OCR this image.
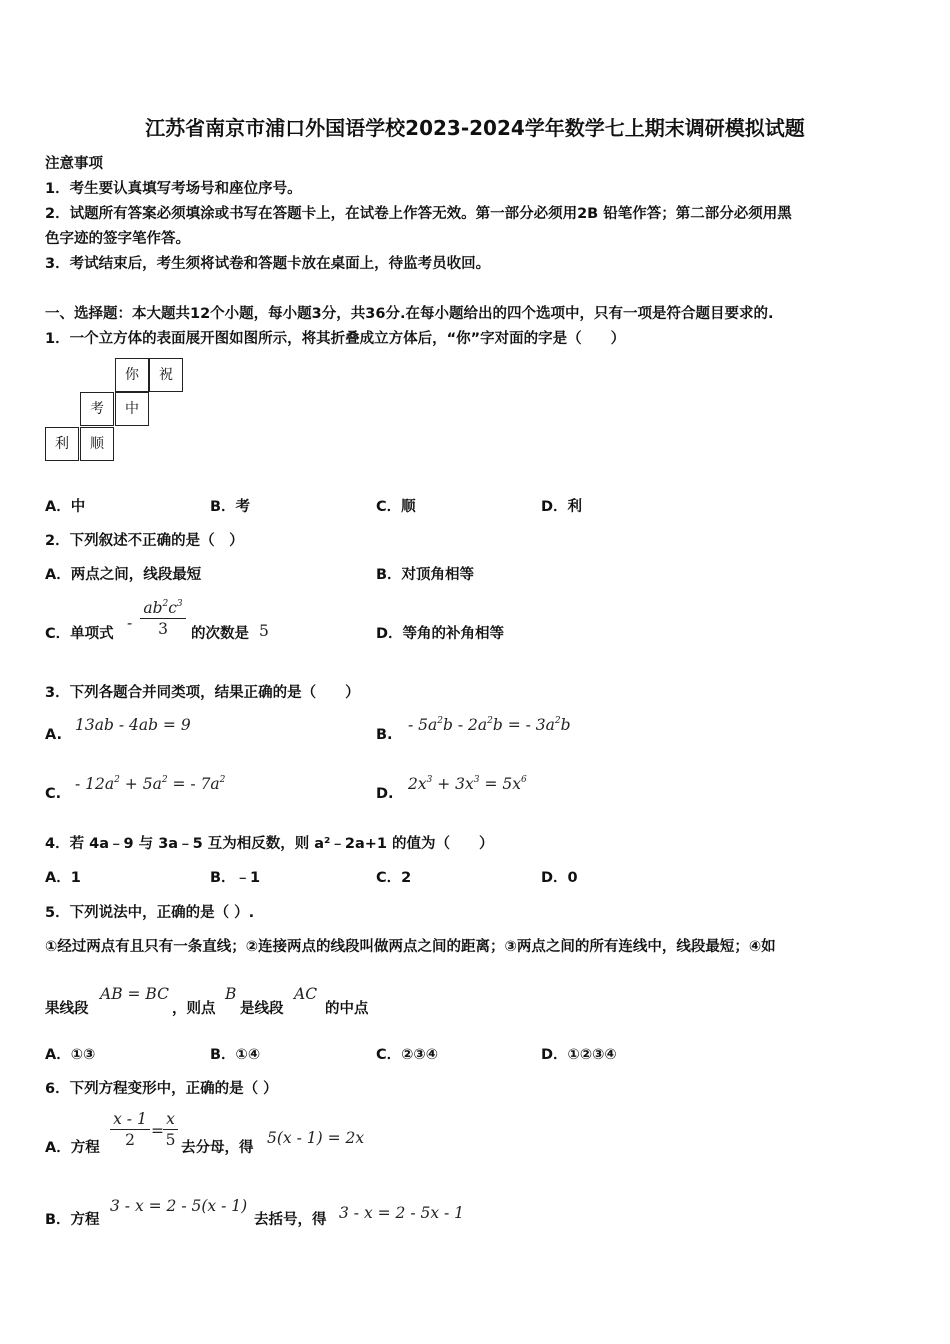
江苏省南京市浦口外国语学校2023-2024学年数学七上期末调研模拟试题
注意事项
1．考生要认真填写考场号和座位序号。
2．试题所有答案必须填涂或书写在答题卡上，在试卷上作答无效。第一部分必须用2B 铅笔作答；第二部分必须用黑
色字迹的签字笔作答。
3．考试结束后，考生须将试卷和答题卡放在桌面上，待监考员收回。
一、选择题：本大题共12个小题，每小题3分，共36分.在每小题给出的四个选项中，只有一项是符合题目要求的.
1．一个立方体的表面展开图如图所示，将其折叠成立方体后，“你”字对面的字是（　　）
你	祝
考	中
利	顺
A．中	B．考	C．顺	D．利
2．下列叙述不正确的是（　）
A．两点之间，线段最短	B．对顶角相等
C．单项式
-
$ab^2c^3$
3	的次数是 5	D．等角的补角相等
3．下列各题合并同类项，结果正确的是（　　）
A.
13ab - 4ab = 9
B.
- $5a^2b - 2a^2b$ = - $3a^2b$
C.
- $12a^2 + 5a^2$ = - $7a^2$
D.
$2x^3 + 3x^3 = 5x^6$
4．若 4a﹣9 与 3a﹣5 互为相反数，则 a²﹣2a+1 的值为（　　）
A．1	B．﹣1	C．2	D．0
5．下列说法中，正确的是（ ）.
①经过两点有且只有一条直线；②连接两点的线段叫做两点之间的距离；③两点之间的所有连线中，线段最短；④如
果线段
AB = BC
，则点
B
是线段
AC
的中点
A．①③	B．①④	C．②③④	D．①②③④
6．下列方程变形中，正确的是（ ）
A．方程
x - 1
2	=
x
5 去分母，得
5(x - 1) = 2x
B．方程
3 - x = 2 - 5(x - 1)
去括号，得 3 - x = 2 - 5x - 1
